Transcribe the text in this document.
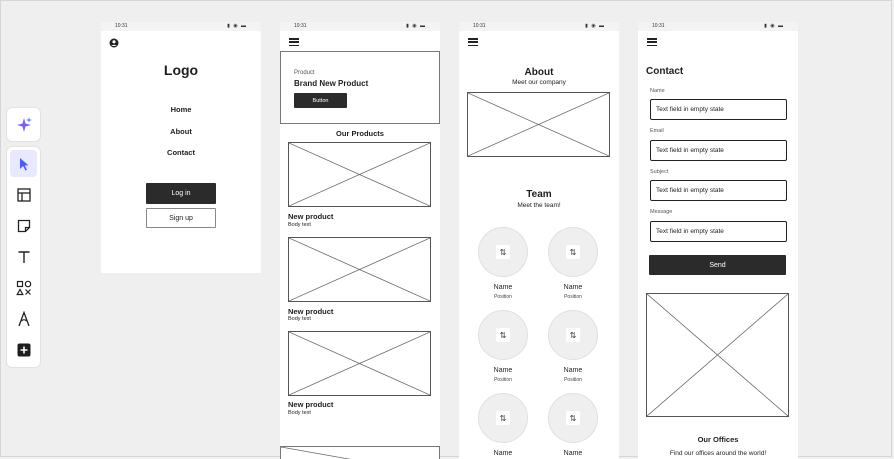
10:31	▮ ◉ ▬
Logo
Home
About
Contact
Log in
Sign up
10:31	▮ ◉ ▬
Product
Brand New Product
Button
Our Products
New product
Body text
New product
Body text
New product
Body text
10:31	▮ ◉ ▬
About
Meet our company
Team
Meet the team!
⇅	⇅
Name
Position
Name
Position
⇅	⇅
Name
Position
Name
Position
⇅	⇅
Name	Name
10:31	▮ ◉ ▬
Contact
Name
Text field in empty state
Email
Text field in empty state
Subject
Text field in empty state
Message
Text field in empty state
Send
Our Offices
Find our offices around the world!
